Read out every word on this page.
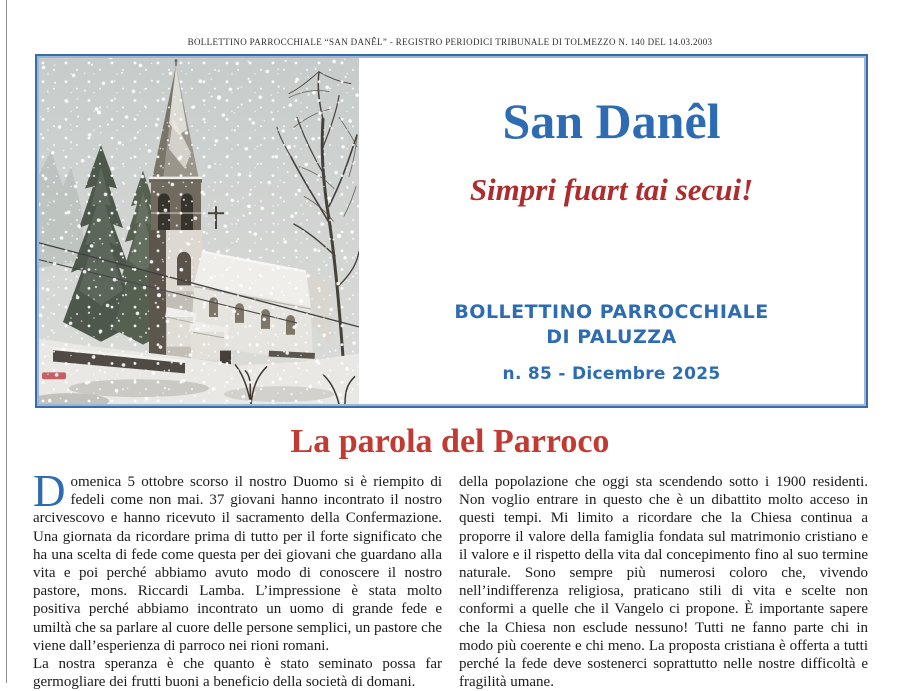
BOLLETTINO PARROCCHIALE “SAN DANÊL” - REGISTRO PERIODICI TRIBUNALE DI TOLMEZZO N. 140 DEL 14.03.2003
San Danêl
Simpri fuart tai secui!
BOLLETTINO PARROCCHIALE
DI PALUZZA
n. 85 - Dicembre 2025
La parola del Parroco

Domenica 5 ottobre scorso il nostro Duomo si è riempito di fedeli come non mai. 37 giovani hanno incontrato il nostro arcivescovo e hanno ricevuto il sacramento della Confermazione. Una giornata da ricordare prima di tutto per il forte significato che ha una scelta di fede come questa per dei giovani che guardano alla vita e poi perché abbiamo avuto modo di conoscere il nostro pastore, mons. Riccardi Lamba. L’impressione è stata molto positiva perché abbiamo incontrato un uomo di grande fede e umiltà che sa parlare al cuore delle persone semplici, un pastore che viene dall’esperienza di parroco nei rioni romani.

La nostra speranza è che quanto è stato seminato possa far germogliare dei frutti buoni a beneficio della società di domani.

della popolazione che oggi sta scendendo sotto i 1900 residenti. Non voglio entrare in questo che è un dibattito molto acceso in questi tempi. Mi limito a ricordare che la Chiesa continua a proporre il valore della famiglia fondata sul matrimonio cristiano e il valore e il rispetto della vita dal concepimento fino al suo termine naturale. Sono sempre più numerosi coloro che, vivendo nell’indifferenza religiosa, praticano stili di vita e scelte non conformi a quelle che il Vangelo ci propone. È importante sapere che la Chiesa non esclude nessuno! Tutti ne fanno parte chi in modo più coerente e chi meno. La proposta cristiana è offerta a tutti perché la fede deve sostenerci soprattutto nelle nostre difficoltà e fragilità umane.
